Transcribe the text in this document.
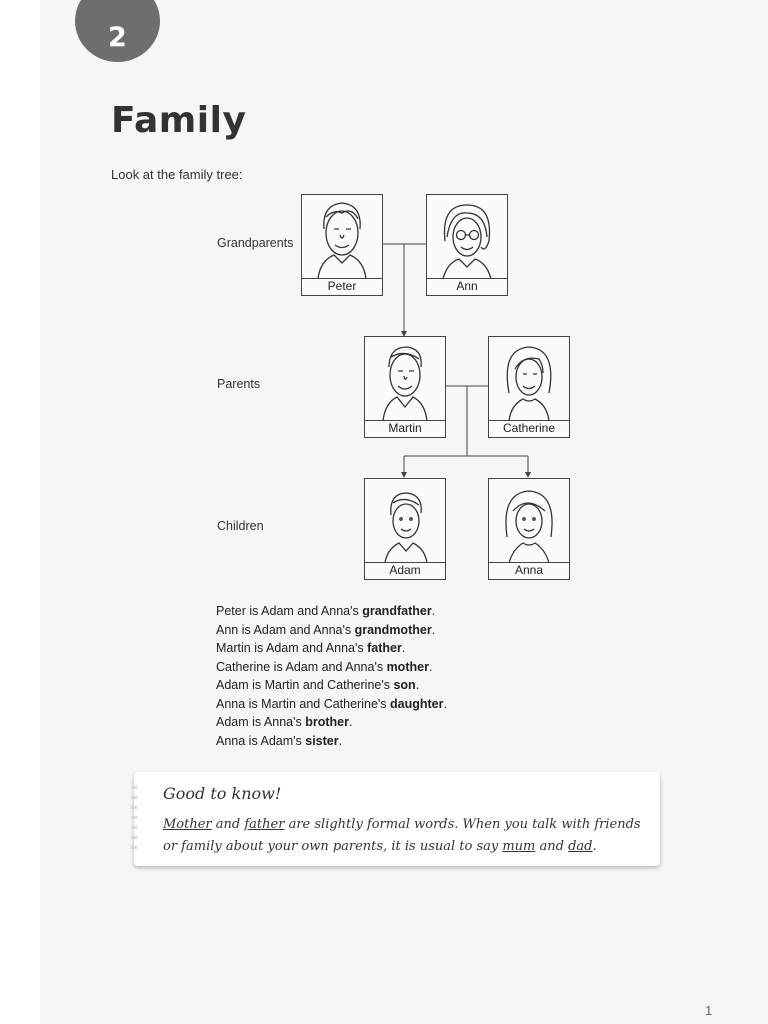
2
Family
Look at the family tree:
Grandparents
Parents
Children
Peter	Ann
Martin	Catherine
Adam	Anna
Peter is Adam and Anna's grandfather.
Ann is Adam and Anna's grandmother.
Martin is Adam and Anna's father.
Catherine is Adam and Anna's mother.
Adam is Martin and Catherine's son.
Anna is Martin and Catherine's daughter.
Adam is Anna's brother.
Anna is Adam's sister.
Good to know!
Mother and father are slightly formal words. When you talk with friends or family about your own parents, it is usual to say mum and dad.
1
